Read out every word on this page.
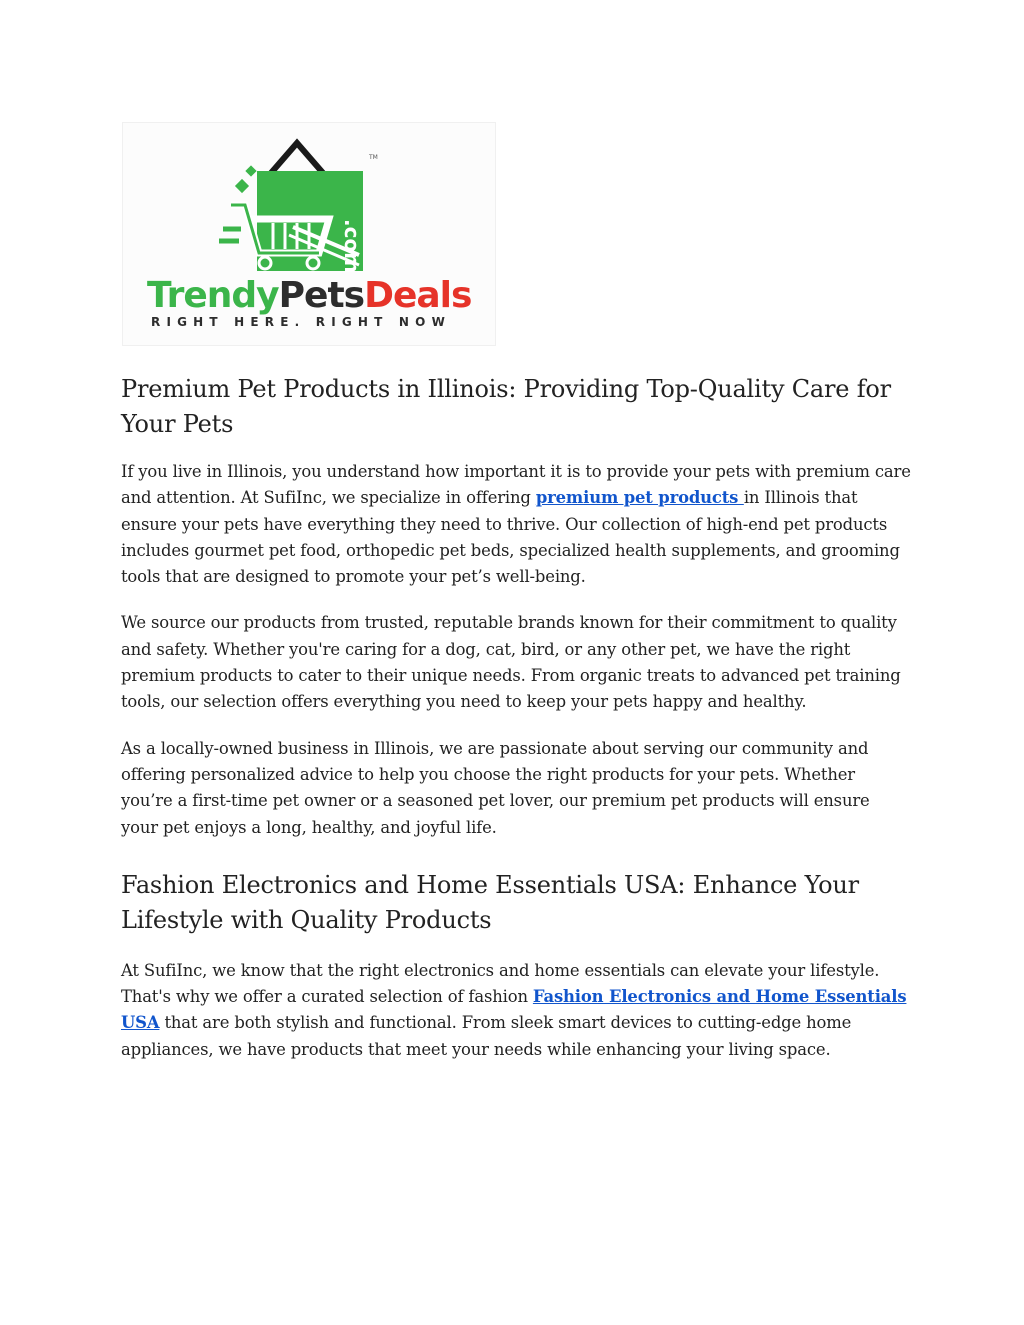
.com
TM
TrendyPetsDeals
RIGHT HERE. RIGHT NOW
Premium Pet Products in Illinois: Providing Top-Quality Care for Your Pets

If you live in Illinois, you understand how important it is to provide your pets with premium care and attention. At SufiInc, we specialize in offering premium pet products in Illinois that ensure your pets have everything they need to thrive. Our collection of high-end pet products includes gourmet pet food, orthopedic pet beds, specialized health supplements, and grooming tools that are designed to promote your pet’s well-being.

We source our products from trusted, reputable brands known for their commitment to quality and safety. Whether you're caring for a dog, cat, bird, or any other pet, we have the right premium products to cater to their unique needs. From organic treats to advanced pet training tools, our selection offers everything you need to keep your pets happy and healthy.

As a locally-owned business in Illinois, we are passionate about serving our community and offering personalized advice to help you choose the right products for your pets. Whether you’re a first-time pet owner or a seasoned pet lover, our premium pet products will ensure your pet enjoys a long, healthy, and joyful life.

Fashion Electronics and Home Essentials USA: Enhance Your Lifestyle with Quality Products

At SufiInc, we know that the right electronics and home essentials can elevate your lifestyle. That's why we offer a curated selection of fashion Fashion Electronics and Home Essentials USA that are both stylish and functional. From sleek smart devices to cutting-edge home appliances, we have products that meet your needs while enhancing your living space.
